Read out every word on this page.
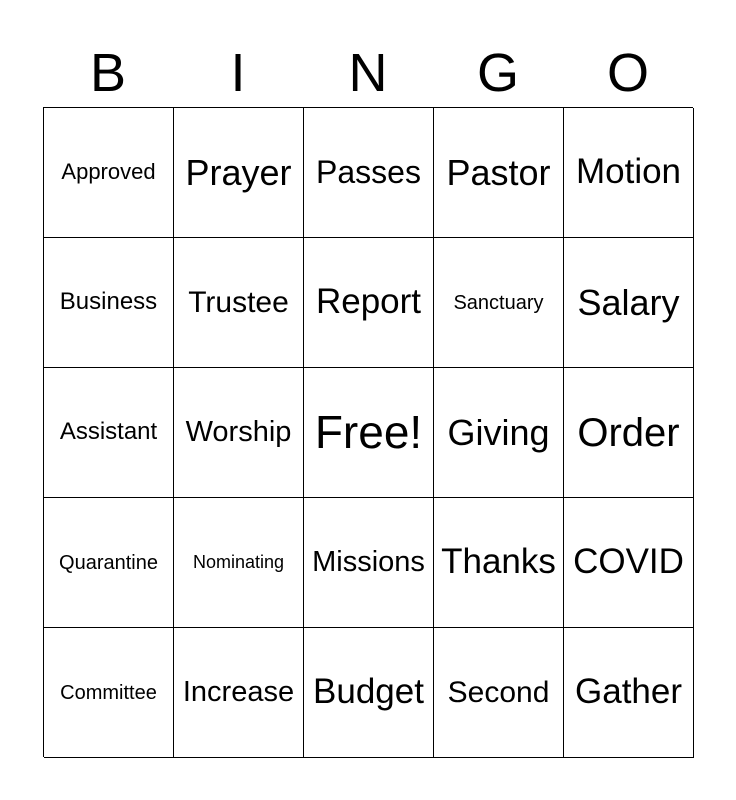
B	I	N	G	O
Approved Prayer Passes Pastor Motion
Business	Trustee Report	Sanctuary Salary
Assistant Worship Free! Giving Order
Quarantine	Nominating Missions Thanks COVID
Committee Increase Budget Second Gather
